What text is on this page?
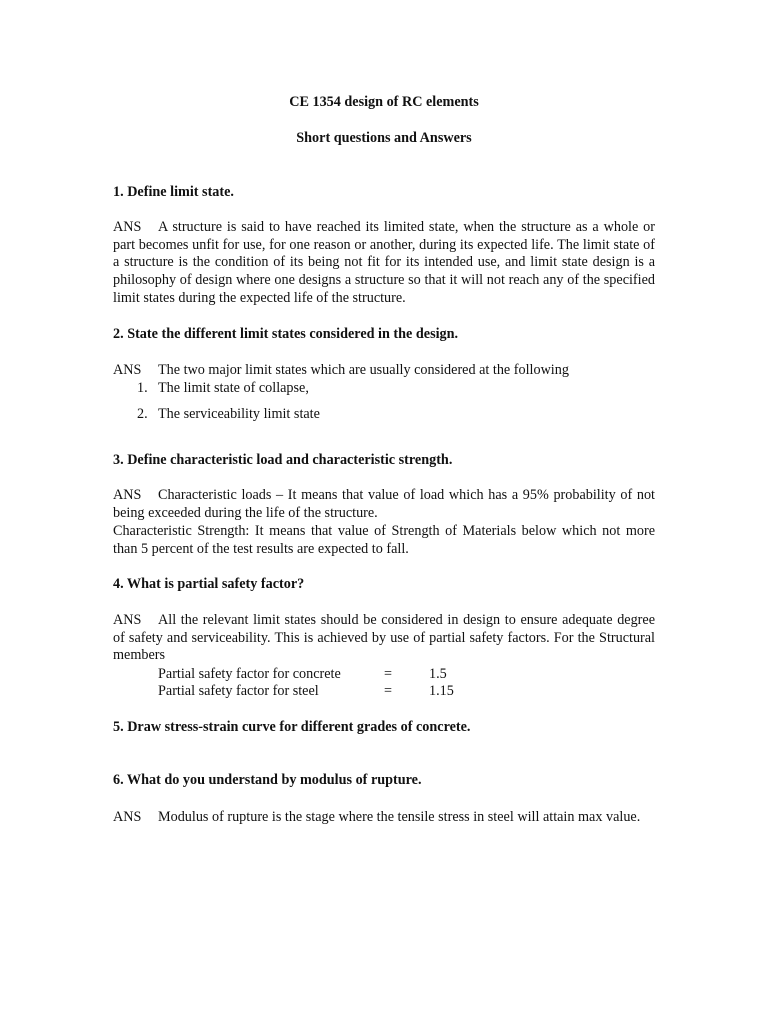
CE 1354 design of RC elements
Short questions and Answers
1. Define limit state.
ANS A structure is said to have reached its limited state, when the structure as a whole or part becomes unfit for use, for one reason or another, during its expected life. The limit state of a structure is the condition of its being not fit for its intended use, and limit state design is a philosophy of design where one designs a structure so that it will not reach any of the specified limit states during the expected life of the structure.
2. State the different limit states considered in the design.
ANS The two major limit states which are usually considered at the following
1. The limit state of collapse,
2. The serviceability limit state
3. Define characteristic load and characteristic strength.
ANS Characteristic loads – It means that value of load which has a 95% probability of not being exceeded during the life of the structure.
Characteristic Strength: It means that value of Strength of Materials below which not more than 5 percent of the test results are expected to fall.
4. What is partial safety factor?
ANS All the relevant limit states should be considered in design to ensure adequate degree of safety and serviceability. This is achieved by use of partial safety factors. For the Structural members
Partial safety factor for concrete	=	1.5
Partial safety factor for steel	=	1.15
5. Draw stress-strain curve for different grades of concrete.
6. What do you understand by modulus of rupture.
ANS Modulus of rupture is the stage where the tensile stress in steel will attain max value.
